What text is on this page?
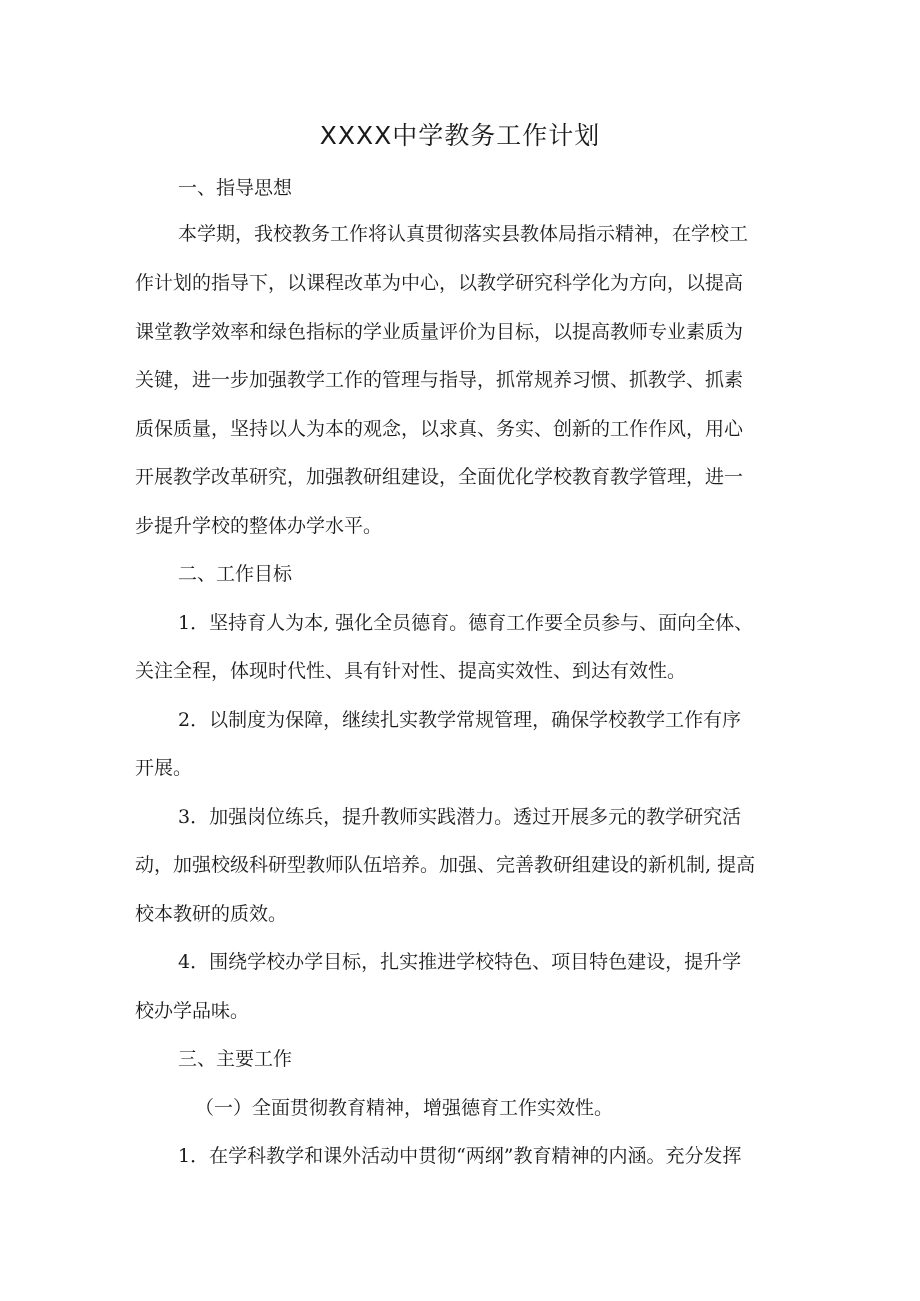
XXXX中学教务工作计划
一、指导思想
本学期，我校教务工作将认真贯彻落实县教体局指示精神，在学校工
作计划的指导下，以课程改革为中心，以教学研究科学化为方向，以提高
课堂教学效率和绿色指标的学业质量评价为目标，以提高教师专业素质为
关键，进一步加强教学工作的管理与指导，抓常规养习惯、抓教学、抓素
质保质量，坚持以人为本的观念，以求真、务实、创新的工作作风，用心
开展教学改革研究，加强教研组建设，全面优化学校教育教学管理，进一
步提升学校的整体办学水平。
二、工作目标
1．坚持育人为本, 强化全员德育。德育工作要全员参与、面向全体、
关注全程，体现时代性、具有针对性、提高实效性、到达有效性。
2．以制度为保障，继续扎实教学常规管理，确保学校教学工作有序
开展。
3．加强岗位练兵，提升教师实践潜力。透过开展多元的教学研究活
动，加强校级科研型教师队伍培养。加强、完善教研组建设的新机制, 提高
校本教研的质效。
4．围绕学校办学目标，扎实推进学校特色、项目特色建设，提升学
校办学品味。
三、主要工作
（一）全面贯彻教育精神，增强德育工作实效性。
1．在学科教学和课外活动中贯彻“两纲”教育精神的内涵。充分发挥
